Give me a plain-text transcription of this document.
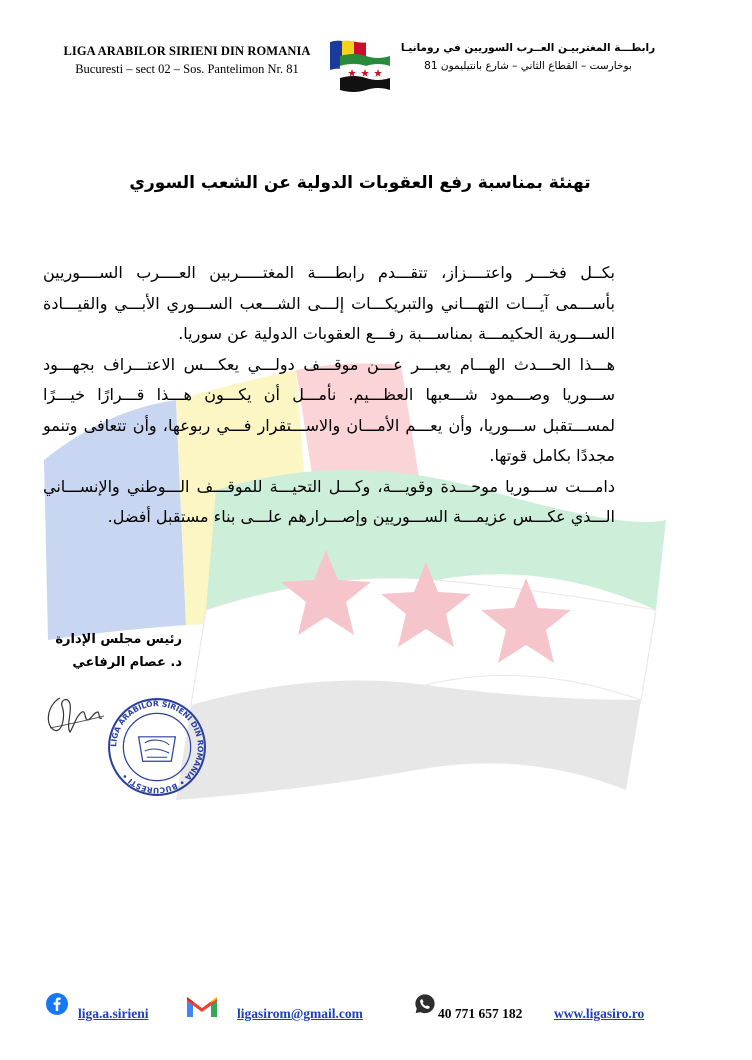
LIGA ARABILOR SIRIENI DIN ROMANIA
Bucuresti – sect 02 – Sos. Pantelimon Nr. 81
رابطـــة المغتربيـن العــرب السوريين في رومانيـا
بوخارست – القطاع الثاني – شارع بانتيليمون 81
تهنئة بمناسبة رفع العقوبات الدولية عن الشعب السوري

بكــل فخـــر واعتــــزاز، تتقـــدم رابطــــة المغتـــــربين العــــرب الســــوريين بأســـمى آيـــات التهـــاني والتبريكـــات إلـــى الشـــعب الســـوري الأبـــي والقيـــادة الســـورية الحكيمـــة بمناســـبة رفـــع العقوبات الدولية عن سوريا.

هـــذا الحـــدث الهـــام يعبـــر عـــن موقـــف دولـــي يعكـــس الاعتـــراف بجهـــود ســـوريا وصـــمود شـــعبها العظـــيم. نأمـــل أن يكـــون هـــذا قـــرارًا خيـــرًا لمســـتقبل ســـوريا، وأن يعـــم الأمـــان والاســـتقرار فـــي ربوعها، وأن تتعافى وتنمو مجددًا بكامل قوتها.

دامـــت ســـوريا موحـــدة وقويـــة، وكـــل التحيـــة للموقـــف الـــوطني والإنســـاني الـــذي عكـــس عزيمـــة الســـوريين وإصـــرارهم علـــى بناء مستقبل أفضل.

رئيس مجلس الإدارة
د. عصام الرفاعي
LIGA ARABILOR SIRIENI DIN ROMANIA • BUCURESTI •
liga.a.sirieni	ligasirom@gmail.com	40 771 657 182 www.ligasiro.ro
